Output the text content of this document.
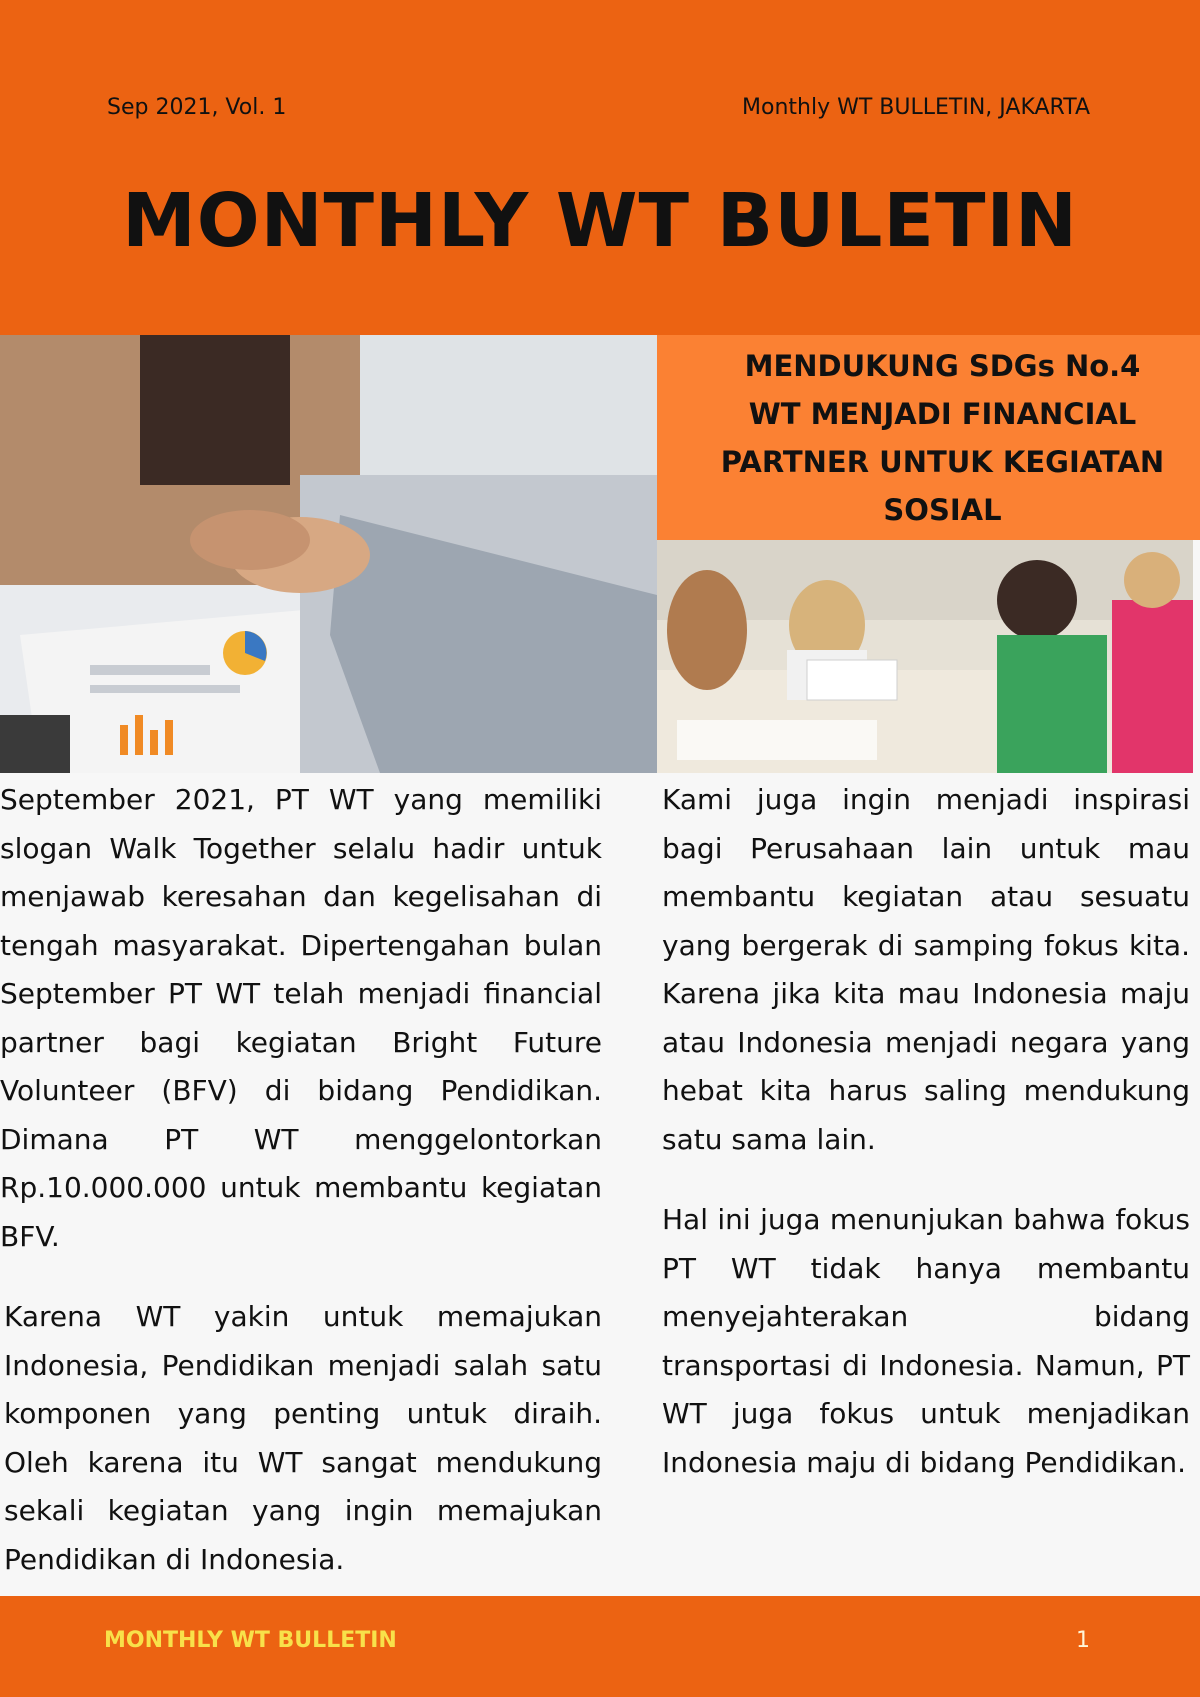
Sep 2021, Vol. 1	Monthly WT BULLETIN, JAKARTA
MONTHLY WT BULETIN
MENDUKUNG SDGs No.4
WT MENJADI FINANCIAL
PARTNER UNTUK KEGIATAN
SOSIAL

September 2021, PT WT yang memiliki slogan Walk Together selalu hadir untuk menjawab keresahan dan kegelisahan di tengah masyarakat. Dipertengahan bulan September PT WT telah menjadi financial partner bagi kegiatan Bright Future Volunteer (BFV) di bidang Pendidikan. Dimana PT WT menggelontorkan Rp.10.000.000 untuk membantu kegiatan BFV.

Karena WT yakin untuk memajukan Indonesia, Pendidikan menjadi salah satu komponen yang penting untuk diraih. Oleh karena itu WT sangat mendukung sekali kegiatan yang ingin memajukan Pendidikan di Indonesia.

Kami juga ingin menjadi inspirasi bagi Perusahaan lain untuk mau membantu kegiatan atau sesuatu yang bergerak di samping fokus kita. Karena jika kita mau Indonesia maju atau Indonesia menjadi negara yang hebat kita harus saling mendukung satu sama lain.

Hal ini juga menunjukan bahwa fokus PT WT tidak hanya membantu menyejahterakan bidang transportasi di Indonesia. Namun, PT WT juga fokus untuk menjadikan Indonesia maju di bidang Pendidikan.

MONTHLY WT BULLETIN	1
